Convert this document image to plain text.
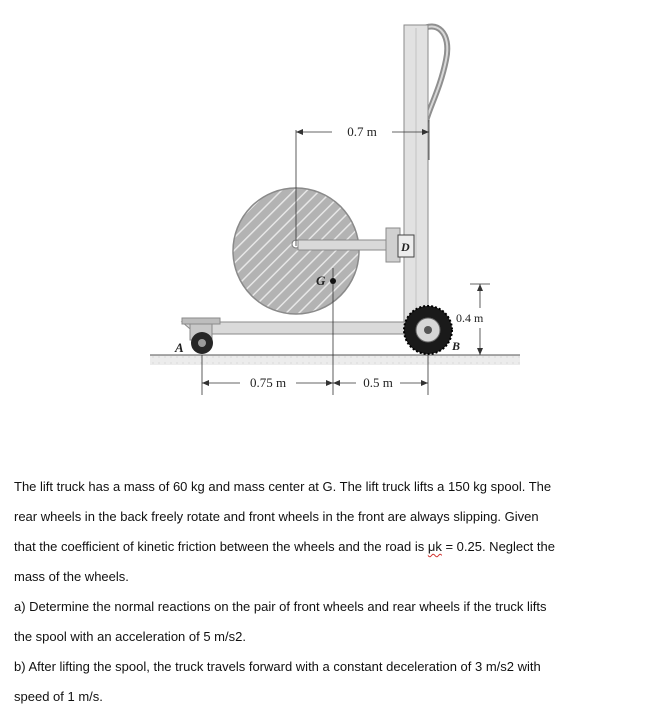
0.7 m
0.75 m	0.5 m
0.4 m
A	B
D
G

The lift truck has a mass of 60 kg and mass center at G. The lift truck lifts a 150 kg spool. The

rear wheels in the back freely rotate and front wheels in the front are always slipping. Given

that the coefficient of kinetic friction between the wheels and the road is μk = 0.25. Neglect the

mass of the wheels.

a) Determine the normal reactions on the pair of front wheels and rear wheels if the truck lifts

the spool with an acceleration of 5 m/s2.

b) After lifting the spool, the truck travels forward with a constant deceleration of 3 m/s2 with

speed of 1 m/s.
